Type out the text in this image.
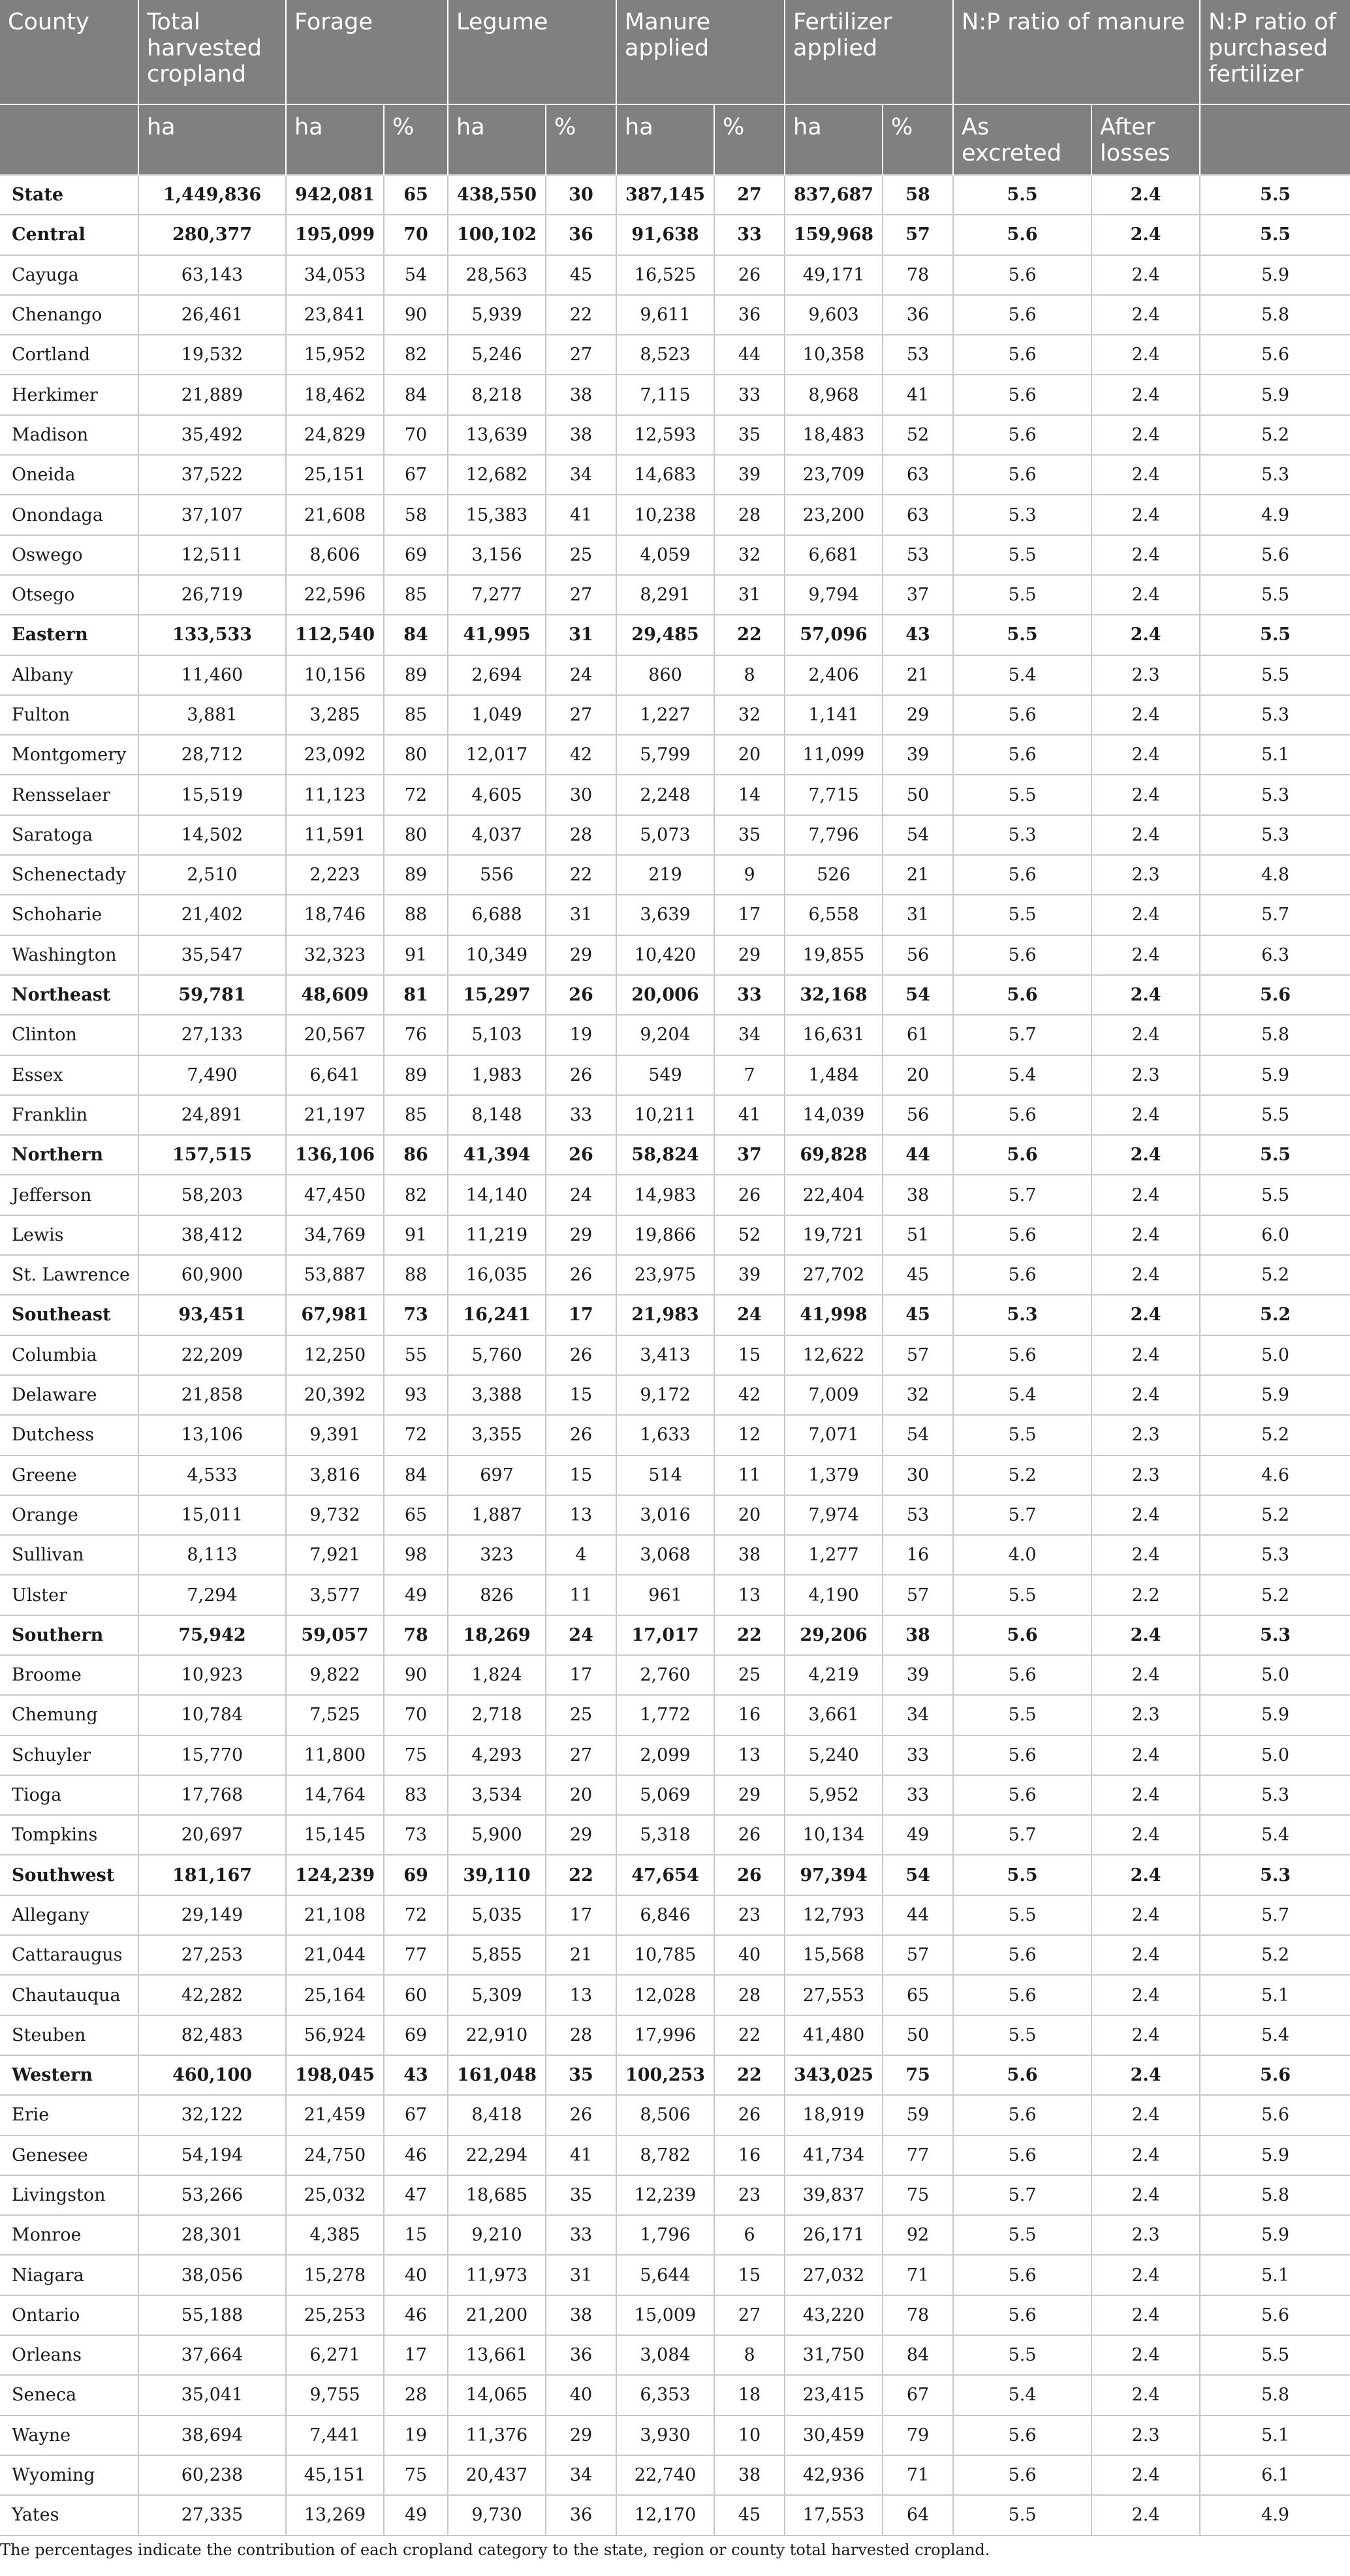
County	Total harvested cropland	Forage		Legume		Manure applied		Fertilizer applied		N:P ratio of manure		N:P ratio of purchased fertilizer
	ha	ha	%	ha	%	ha	%	ha	%	As excreted	After losses	
State	1,449,836	942,081	65	438,550	30	387,145	27	837,687	58	5.5	2.4	5.5
Central	280,377	195,099	70	100,102	36	91,638	33	159,968	57	5.6	2.4	5.5
Cayuga	63,143	34,053	54	28,563	45	16,525	26	49,171	78	5.6	2.4	5.9
Chenango	26,461	23,841	90	5,939	22	9,611	36	9,603	36	5.6	2.4	5.8
Cortland	19,532	15,952	82	5,246	27	8,523	44	10,358	53	5.6	2.4	5.6
Herkimer	21,889	18,462	84	8,218	38	7,115	33	8,968	41	5.6	2.4	5.9
Madison	35,492	24,829	70	13,639	38	12,593	35	18,483	52	5.6	2.4	5.2
Oneida	37,522	25,151	67	12,682	34	14,683	39	23,709	63	5.6	2.4	5.3
Onondaga	37,107	21,608	58	15,383	41	10,238	28	23,200	63	5.3	2.4	4.9
Oswego	12,511	8,606	69	3,156	25	4,059	32	6,681	53	5.5	2.4	5.6
Otsego	26,719	22,596	85	7,277	27	8,291	31	9,794	37	5.5	2.4	5.5
Eastern	133,533	112,540	84	41,995	31	29,485	22	57,096	43	5.5	2.4	5.5
Albany	11,460	10,156	89	2,694	24	860	8	2,406	21	5.4	2.3	5.5
Fulton	3,881	3,285	85	1,049	27	1,227	32	1,141	29	5.6	2.4	5.3
Montgomery	28,712	23,092	80	12,017	42	5,799	20	11,099	39	5.6	2.4	5.1
Rensselaer	15,519	11,123	72	4,605	30	2,248	14	7,715	50	5.5	2.4	5.3
Saratoga	14,502	11,591	80	4,037	28	5,073	35	7,796	54	5.3	2.4	5.3
Schenectady	2,510	2,223	89	556	22	219	9	526	21	5.6	2.3	4.8
Schoharie	21,402	18,746	88	6,688	31	3,639	17	6,558	31	5.5	2.4	5.7
Washington	35,547	32,323	91	10,349	29	10,420	29	19,855	56	5.6	2.4	6.3
Northeast	59,781	48,609	81	15,297	26	20,006	33	32,168	54	5.6	2.4	5.6
Clinton	27,133	20,567	76	5,103	19	9,204	34	16,631	61	5.7	2.4	5.8
Essex	7,490	6,641	89	1,983	26	549	7	1,484	20	5.4	2.3	5.9
Franklin	24,891	21,197	85	8,148	33	10,211	41	14,039	56	5.6	2.4	5.5
Northern	157,515	136,106	86	41,394	26	58,824	37	69,828	44	5.6	2.4	5.5
Jefferson	58,203	47,450	82	14,140	24	14,983	26	22,404	38	5.7	2.4	5.5
Lewis	38,412	34,769	91	11,219	29	19,866	52	19,721	51	5.6	2.4	6.0
St. Lawrence	60,900	53,887	88	16,035	26	23,975	39	27,702	45	5.6	2.4	5.2
Southeast	93,451	67,981	73	16,241	17	21,983	24	41,998	45	5.3	2.4	5.2
Columbia	22,209	12,250	55	5,760	26	3,413	15	12,622	57	5.6	2.4	5.0
Delaware	21,858	20,392	93	3,388	15	9,172	42	7,009	32	5.4	2.4	5.9
Dutchess	13,106	9,391	72	3,355	26	1,633	12	7,071	54	5.5	2.3	5.2
Greene	4,533	3,816	84	697	15	514	11	1,379	30	5.2	2.3	4.6
Orange	15,011	9,732	65	1,887	13	3,016	20	7,974	53	5.7	2.4	5.2
Sullivan	8,113	7,921	98	323	4	3,068	38	1,277	16	4.0	2.4	5.3
Ulster	7,294	3,577	49	826	11	961	13	4,190	57	5.5	2.2	5.2
Southern	75,942	59,057	78	18,269	24	17,017	22	29,206	38	5.6	2.4	5.3
Broome	10,923	9,822	90	1,824	17	2,760	25	4,219	39	5.6	2.4	5.0
Chemung	10,784	7,525	70	2,718	25	1,772	16	3,661	34	5.5	2.3	5.9
Schuyler	15,770	11,800	75	4,293	27	2,099	13	5,240	33	5.6	2.4	5.0
Tioga	17,768	14,764	83	3,534	20	5,069	29	5,952	33	5.6	2.4	5.3
Tompkins	20,697	15,145	73	5,900	29	5,318	26	10,134	49	5.7	2.4	5.4
Southwest	181,167	124,239	69	39,110	22	47,654	26	97,394	54	5.5	2.4	5.3
Allegany	29,149	21,108	72	5,035	17	6,846	23	12,793	44	5.5	2.4	5.7
Cattaraugus	27,253	21,044	77	5,855	21	10,785	40	15,568	57	5.6	2.4	5.2
Chautauqua	42,282	25,164	60	5,309	13	12,028	28	27,553	65	5.6	2.4	5.1
Steuben	82,483	56,924	69	22,910	28	17,996	22	41,480	50	5.5	2.4	5.4
Western	460,100	198,045	43	161,048	35	100,253	22	343,025	75	5.6	2.4	5.6
Erie	32,122	21,459	67	8,418	26	8,506	26	18,919	59	5.6	2.4	5.6
Genesee	54,194	24,750	46	22,294	41	8,782	16	41,734	77	5.6	2.4	5.9
Livingston	53,266	25,032	47	18,685	35	12,239	23	39,837	75	5.7	2.4	5.8
Monroe	28,301	4,385	15	9,210	33	1,796	6	26,171	92	5.5	2.3	5.9
Niagara	38,056	15,278	40	11,973	31	5,644	15	27,032	71	5.6	2.4	5.1
Ontario	55,188	25,253	46	21,200	38	15,009	27	43,220	78	5.6	2.4	5.6
Orleans	37,664	6,271	17	13,661	36	3,084	8	31,750	84	5.5	2.4	5.5
Seneca	35,041	9,755	28	14,065	40	6,353	18	23,415	67	5.4	2.4	5.8
Wayne	38,694	7,441	19	11,376	29	3,930	10	30,459	79	5.6	2.3	5.1
Wyoming	60,238	45,151	75	20,437	34	22,740	38	42,936	71	5.6	2.4	6.1
Yates	27,335	13,269	49	9,730	36	12,170	45	17,553	64	5.5	2.4	4.9
The percentages indicate the contribution of each cropland category to the state, region or county total harvested cropland.
